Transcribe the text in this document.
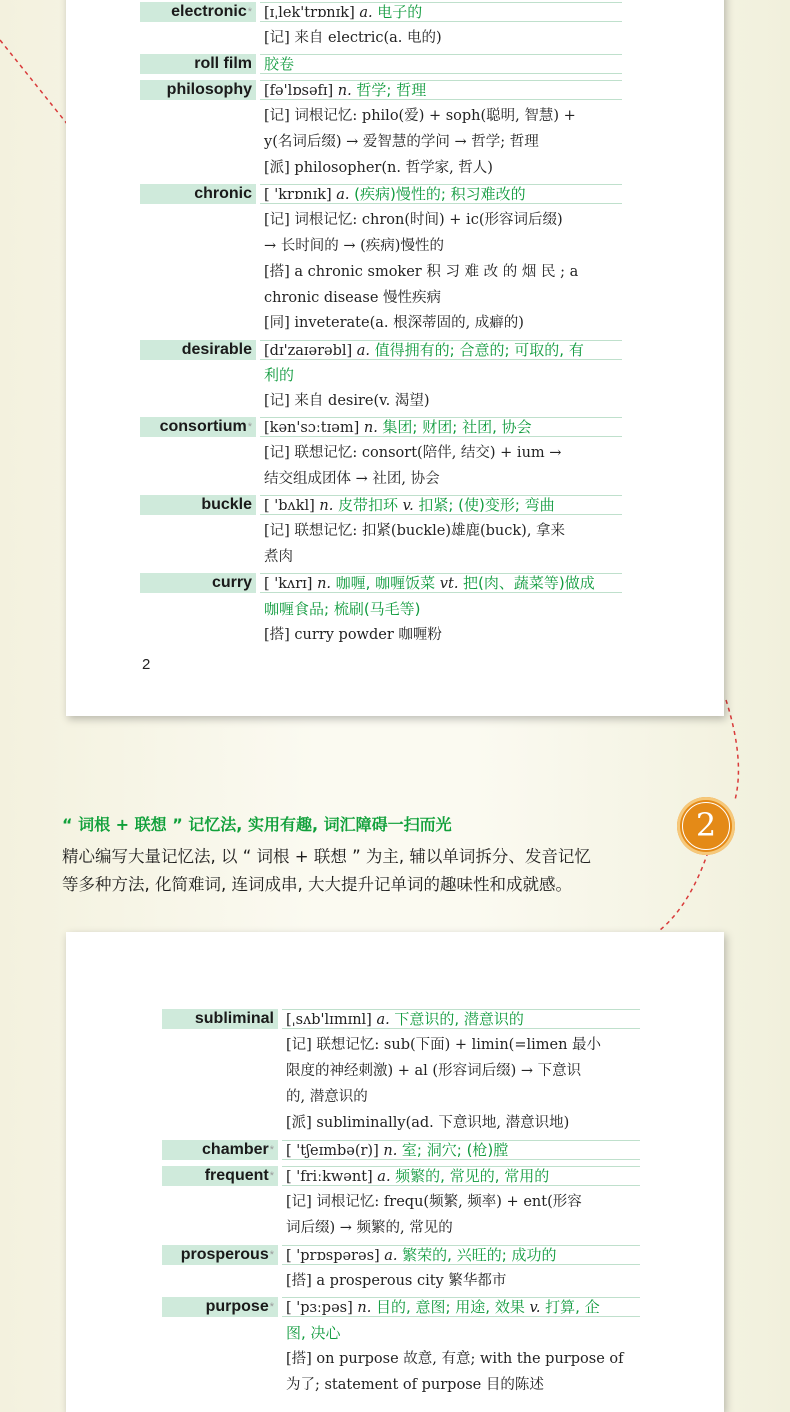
electronic* [ɪˌlek'trɒnɪk] a. 电子的
[记] 来自 electric(a. 电的)
roll film 胶卷
philosophy [fə'lɒsəfɪ] n. 哲学; 哲理
[记] 词根记忆: philo(爱) + soph(聪明, 智慧) +
y(名词后缀) → 爱智慧的学问 → 哲学; 哲理
[派] philosopher(n. 哲学家, 哲人)
chronic [ 'krɒnɪk] a. (疾病)慢性的; 积习难改的
[记] 词根记忆: chron(时间) + ic(形容词后缀)
→ 长时间的 → (疾病)慢性的
[搭] a chronic smoker 积 习 难 改 的 烟 民 ; a
chronic disease 慢性疾病
[同] inveterate(a. 根深蒂固的, 成癖的)
desirable [dɪ'zaɪərəbl] a. 值得拥有的; 合意的; 可取的, 有
利的
[记] 来自 desire(v. 渴望)
consortium* [kən'sɔːtɪəm] n. 集团; 财团; 社团, 协会
[记] 联想记忆: consort(陪伴, 结交) + ium →
结交组成团体 → 社团, 协会
buckle [ 'bʌkl] n. 皮带扣环 v. 扣紧; (使)变形; 弯曲
[记] 联想记忆: 扣紧(buckle)雄鹿(buck), 拿来
煮肉
curry [ 'kʌrɪ] n. 咖喱, 咖喱饭菜 vt. 把(肉、蔬菜等)做成
咖喱食品; 梳刷(马毛等)
[搭] curry powder 咖喱粉
2
“ 词根 + 联想 ” 记忆法, 实用有趣, 词汇障碍一扫而光
精心编写大量记忆法, 以 “ 词根 + 联想 ” 为主, 辅以单词拆分、发音记忆
等多种方法, 化简难词, 连词成串, 大大提升记单词的趣味性和成就感。
2
subliminal [ˌsʌb'lɪmɪnl] a. 下意识的, 潜意识的
[记] 联想记忆: sub(下面) + limin(=limen 最小
限度的神经刺激) + al (形容词后缀) → 下意识
的, 潜意识的
[派] subliminally(ad. 下意识地, 潜意识地)
chamber* [ 'tʃeɪmbə(r)] n. 室; 洞穴; (枪)膛
frequent* [ 'friːkwənt] a. 频繁的, 常见的, 常用的
[记] 词根记忆: frequ(频繁, 频率) + ent(形容
词后缀) → 频繁的, 常见的
prosperous* [ 'prɒspərəs] a. 繁荣的, 兴旺的; 成功的
[搭] a prosperous city 繁华都市
purpose* [ 'pɜːpəs] n. 目的, 意图; 用途, 效果 v. 打算, 企
图, 决心
[搭] on purpose 故意, 有意; with the purpose of
为了; statement of purpose 目的陈述
